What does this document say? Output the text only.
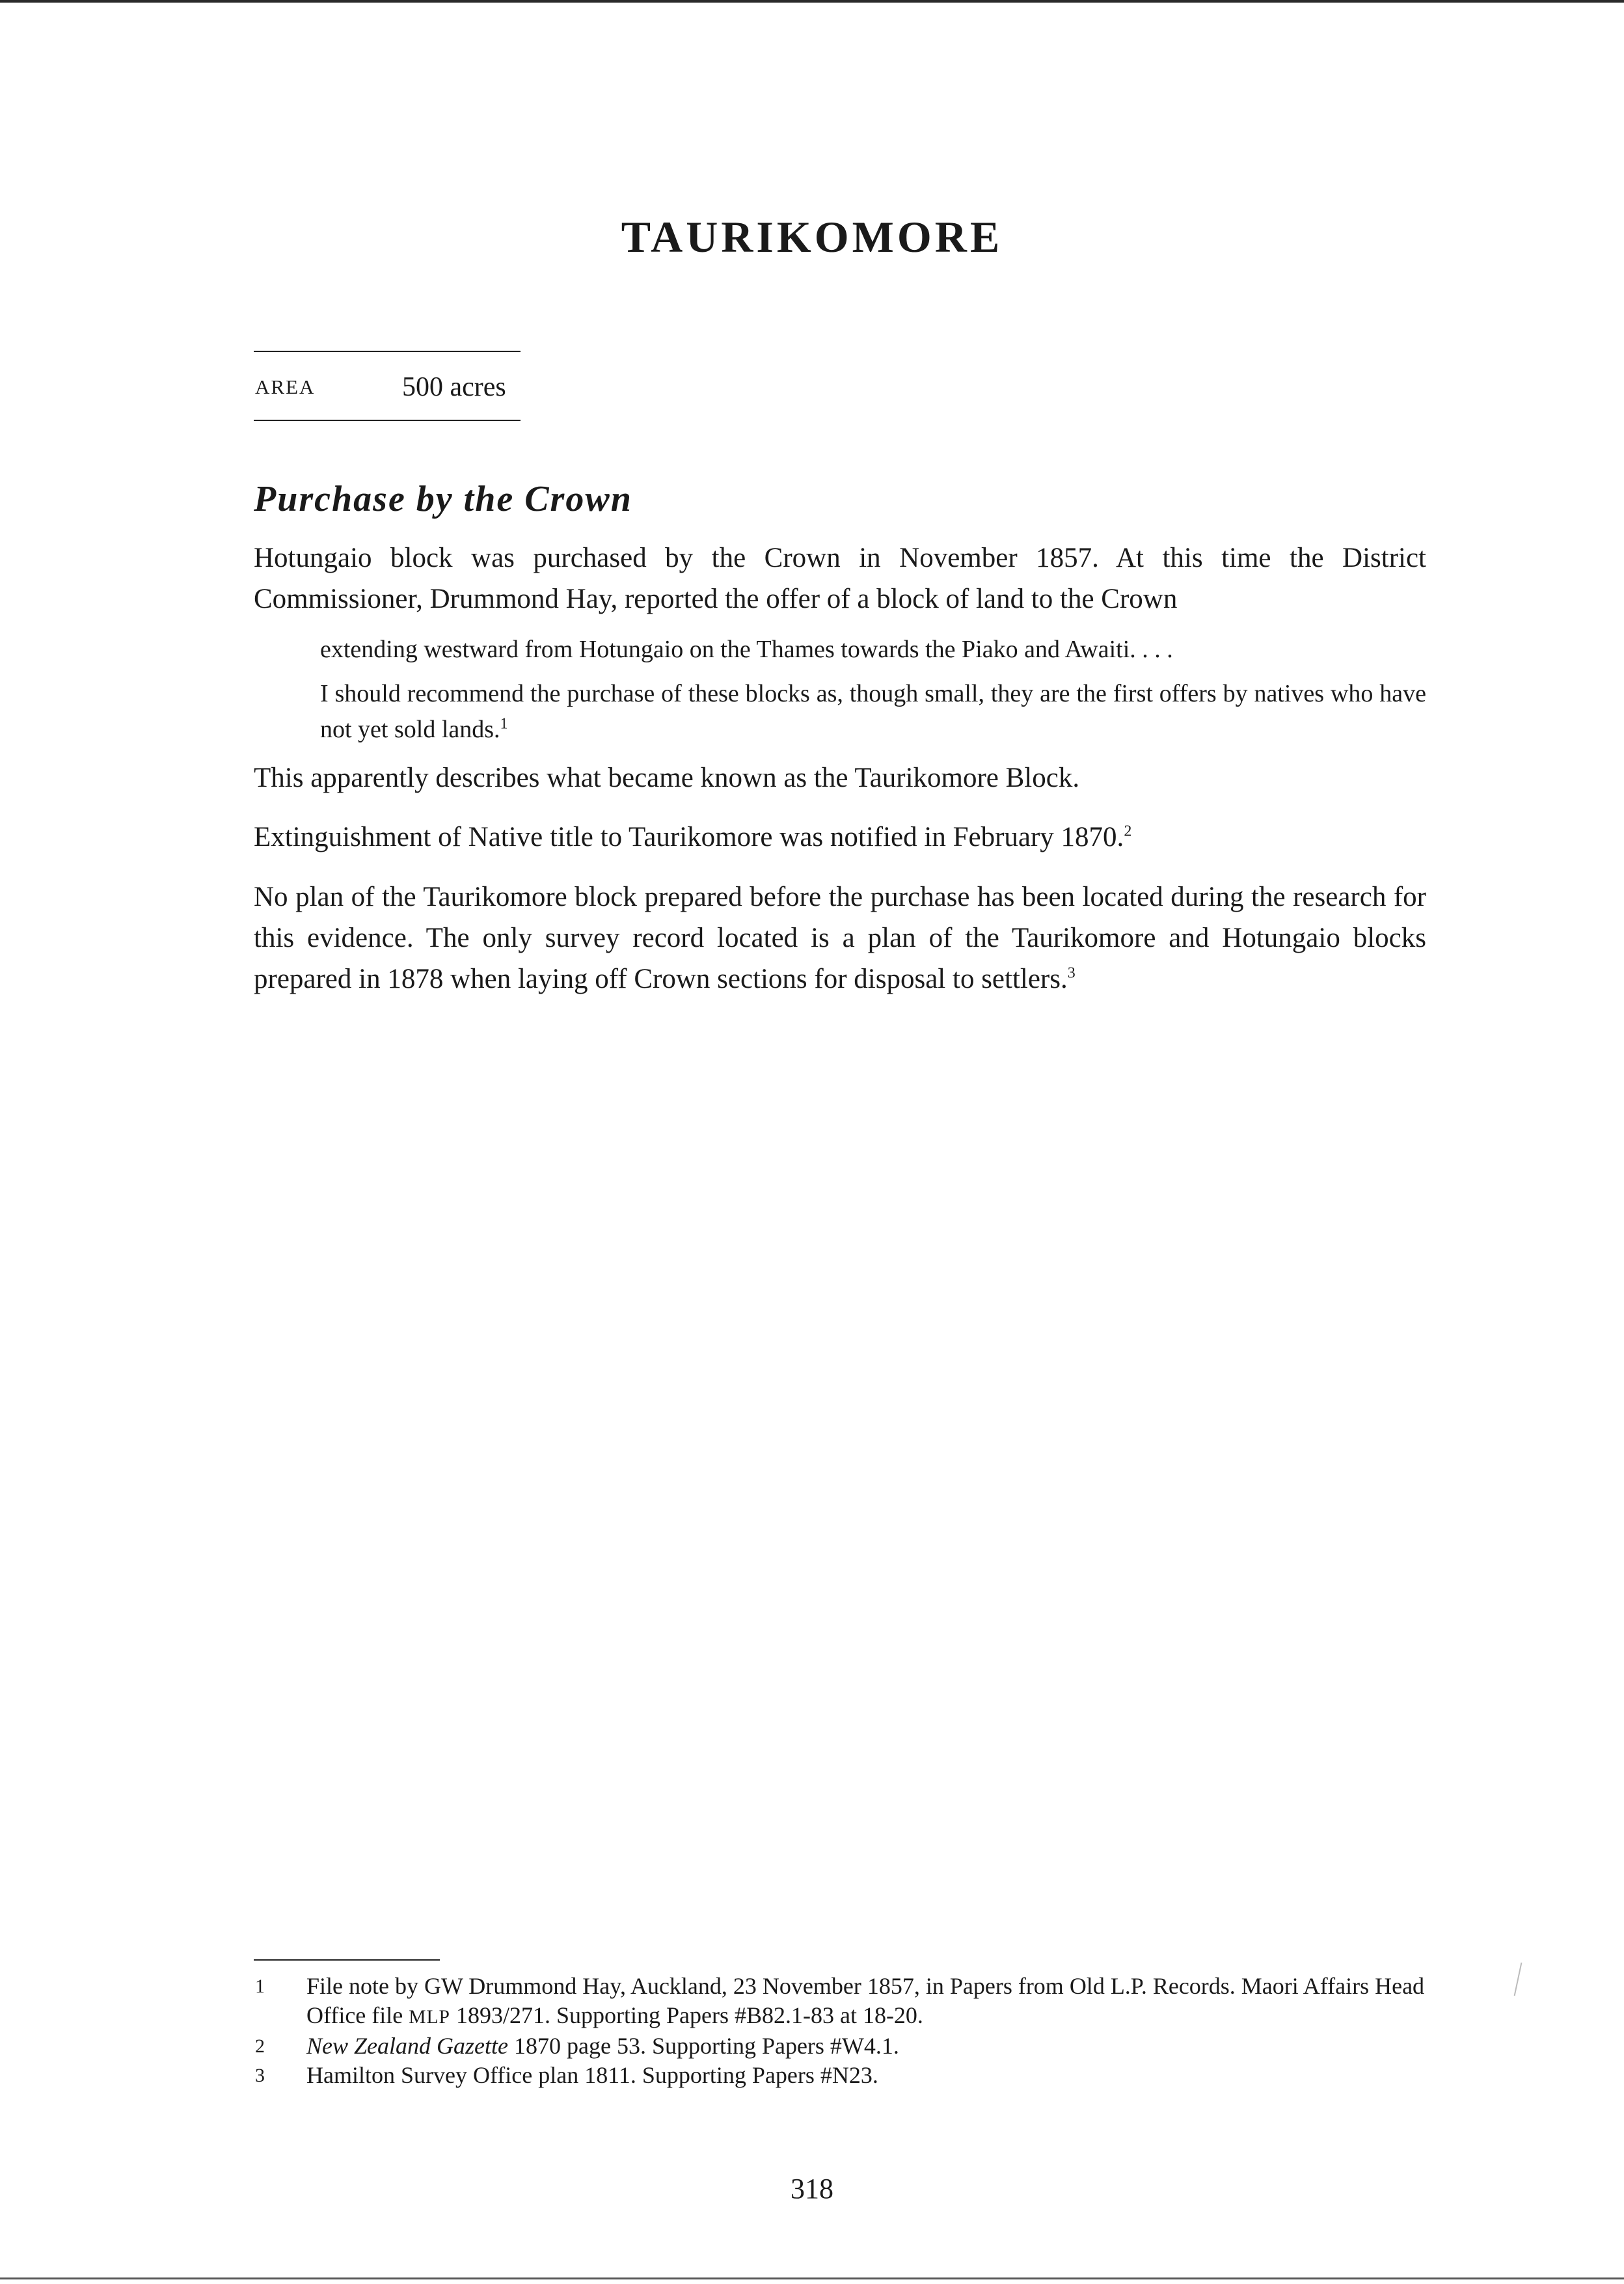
TAURIKOMORE
AREA	500 acres
Purchase by the Crown

Hotungaio block was purchased by the Crown in November 1857. At this time the District Commissioner, Drummond Hay, reported the offer of a block of land to the Crown

extending westward from Hotungaio on the Thames towards the Piako and Awaiti. . . .

I should recommend the purchase of these blocks as, though small, they are the first offers by natives who have not yet sold lands.$^1$

This apparently describes what became known as the Taurikomore Block.

Extinguishment of Native title to Taurikomore was notified in February 1870.$^2$

No plan of the Taurikomore block prepared before the purchase has been located during the research for this evidence. The only survey record located is a plan of the Taurikomore and Hotungaio blocks prepared in 1878 when laying off Crown sections for disposal to settlers.$^3$

1 File note by GW Drummond Hay, Auckland, 23 November 1857, in Papers from Old L.P. Records. Maori Affairs Head Office file MLP 1893/271. Supporting Papers #B82.1-83 at 18-20.
2 New Zealand Gazette 1870 page 53. Supporting Papers #W4.1.
3 Hamilton Survey Office plan 1811. Supporting Papers #N23.
318
